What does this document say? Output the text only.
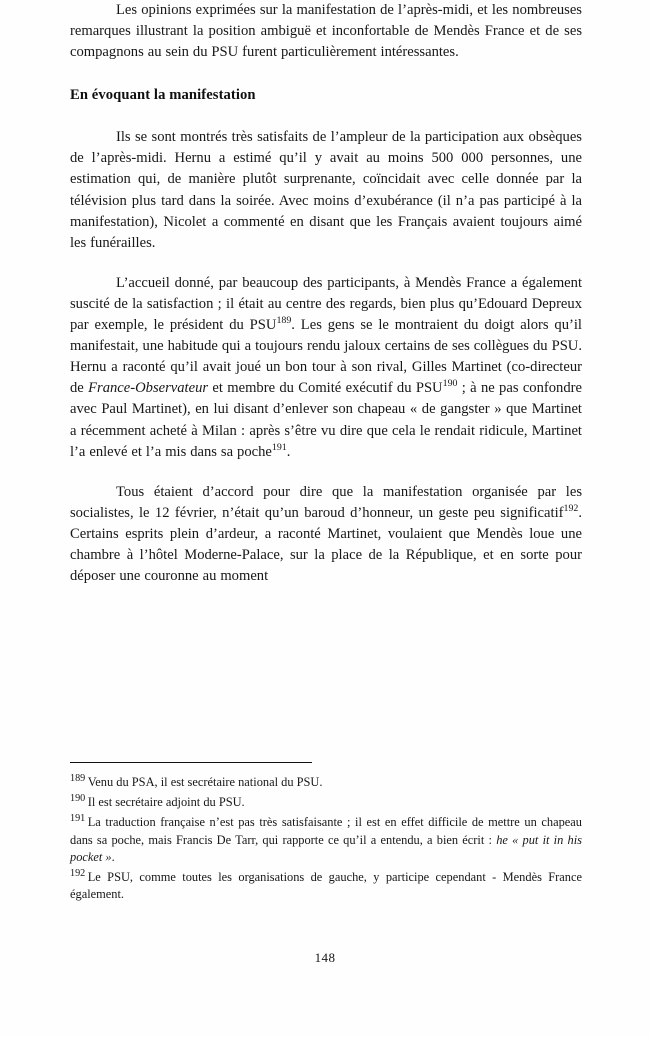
Les opinions exprimées sur la manifestation de l’après-midi, et les nombreuses remarques illustrant la position ambiguë et inconfortable de Mendès France et de ses compagnons au sein du PSU furent particulièrement intéressantes.

En évoquant la manifestation

Ils se sont montrés très satisfaits de l’ampleur de la participation aux obsèques de l’après-midi. Hernu a estimé qu’il y avait au moins 500 000 personnes, une estimation qui, de manière plutôt surprenante, coïncidait avec celle donnée par la télévision plus tard dans la soirée. Avec moins d’exubérance (il n’a pas participé à la manifestation), Nicolet a commenté en disant que les Français avaient toujours aimé les funérailles.

L’accueil donné, par beaucoup des participants, à Mendès France a également suscité de la satisfaction ; il était au centre des regards, bien plus qu’Edouard Depreux par exemple, le président du PSU$^{189}$. Les gens se le montraient du doigt alors qu’il manifestait, une habitude qui a toujours rendu jaloux certains de ses collègues du PSU. Hernu a raconté qu’il avait joué un bon tour à son rival, Gilles Martinet (co-directeur de France-Observateur et membre du Comité exécutif du PSU$^{190}$ ; à ne pas confondre avec Paul Martinet), en lui disant d’enlever son chapeau « de gangster » que Martinet a récemment acheté à Milan : après s’être vu dire que cela le rendait ridicule, Martinet l’a enlevé et l’a mis dans sa poche$^{191}$.

Tous étaient d’accord pour dire que la manifestation organisée par les socialistes, le 12 février, n’était qu’un baroud d’honneur, un geste peu significatif$^{192}$. Certains esprits plein d’ardeur, a raconté Martinet, voulaient que Mendès loue une chambre à l’hôtel Moderne-Palace, sur la place de la République, et en sorte pour déposer une couronne au moment

$^{189}$ Venu du PSA, il est secrétaire national du PSU.

$^{190}$ Il est secrétaire adjoint du PSU.

$^{191}$ La traduction française n’est pas très satisfaisante ; il est en effet difficile de mettre un chapeau dans sa poche, mais Francis De Tarr, qui rapporte ce qu’il a entendu, a bien écrit : he « put it in his pocket ».

$^{192}$ Le PSU, comme toutes les organisations de gauche, y participe cependant - Mendès France également.

148
